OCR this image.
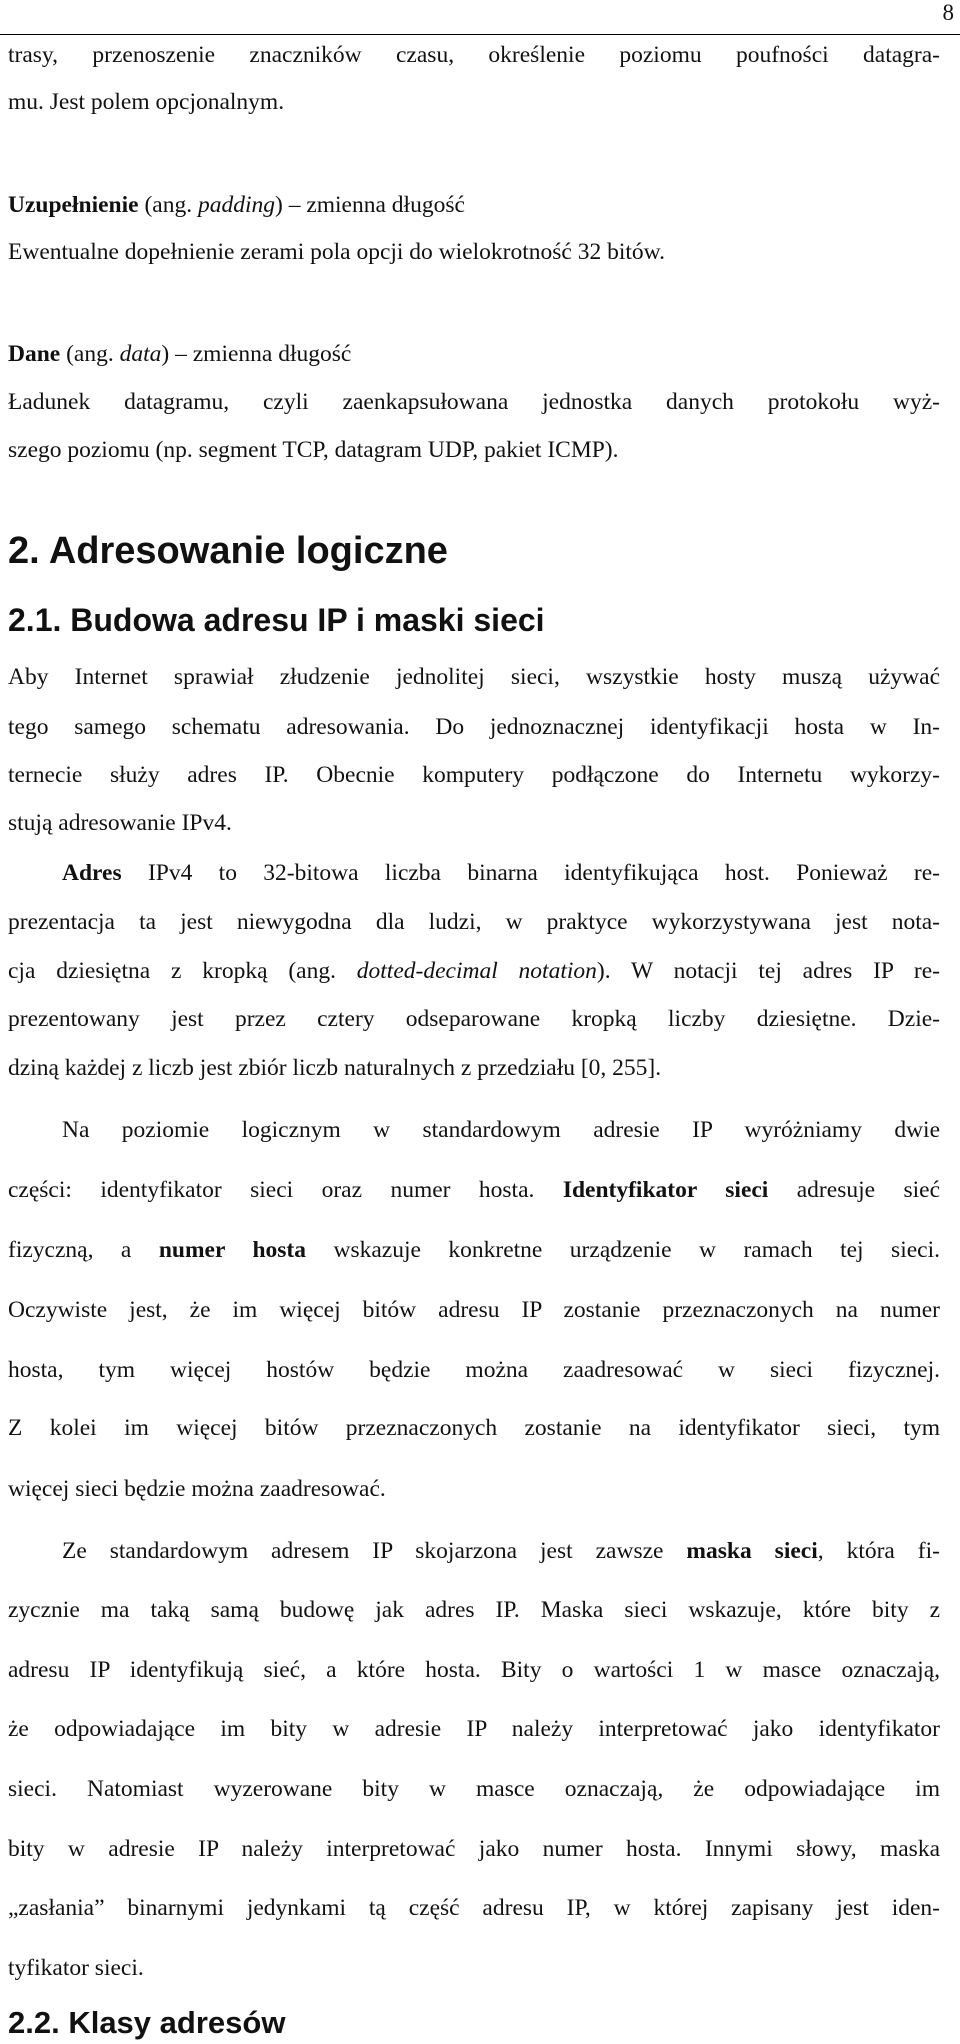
8
trasy, przenoszenie znaczników czasu, określenie poziomu poufności datagra-
mu. Jest polem opcjonalnym.
Uzupełnienie (ang. padding) – zmienna długość
Ewentualne dopełnienie zerami pola opcji do wielokrotność 32 bitów.
Dane (ang. data) – zmienna długość
Ładunek datagramu, czyli zaenkapsułowana jednostka danych protokołu wyż-
szego poziomu (np. segment TCP, datagram UDP, pakiet ICMP).
2. Adresowanie logiczne
2.1. Budowa adresu IP i maski sieci
Aby Internet sprawiał złudzenie jednolitej sieci, wszystkie hosty muszą używać
tego samego schematu adresowania. Do jednoznacznej identyfikacji hosta w In-
ternecie służy adres IP. Obecnie komputery podłączone do Internetu wykorzy-
stują adresowanie IPv4.
Adres IPv4 to 32-bitowa liczba binarna identyfikująca host. Ponieważ re-
prezentacja ta jest niewygodna dla ludzi, w praktyce wykorzystywana jest nota-
cja dziesiętna z kropką (ang. dotted-decimal notation). W notacji tej adres IP re-
prezentowany jest przez cztery odseparowane kropką liczby dziesiętne. Dzie-
dziną każdej z liczb jest zbiór liczb naturalnych z przedziału [0, 255].
Na poziomie logicznym w standardowym adresie IP wyróżniamy dwie
części: identyfikator sieci oraz numer hosta. Identyfikator sieci adresuje sieć
fizyczną, a numer hosta wskazuje konkretne urządzenie w ramach tej sieci.
Oczywiste jest, że im więcej bitów adresu IP zostanie przeznaczonych na numer
hosta, tym więcej hostów będzie można zaadresować w sieci fizycznej.
Z kolei im więcej bitów przeznaczonych zostanie na identyfikator sieci, tym
więcej sieci będzie można zaadresować.
Ze standardowym adresem IP skojarzona jest zawsze maska sieci, która fi-
zycznie ma taką samą budowę jak adres IP. Maska sieci wskazuje, które bity z
adresu IP identyfikują sieć, a które hosta. Bity o wartości 1 w masce oznaczają,
że odpowiadające im bity w adresie IP należy interpretować jako identyfikator
sieci. Natomiast wyzerowane bity w masce oznaczają, że odpowiadające im
bity w adresie IP należy interpretować jako numer hosta. Innymi słowy, maska
„zasłania” binarnymi jedynkami tą część adresu IP, w której zapisany jest iden-
tyfikator sieci.
2.2. Klasy adresów
